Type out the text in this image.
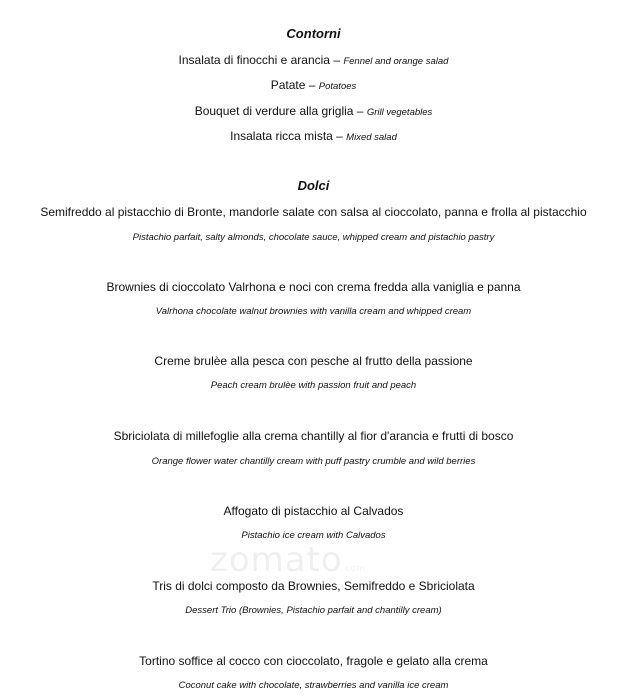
Contorni
Insalata di finocchi e arancia – Fennel and orange salad
Patate – Potatoes
Bouquet di verdure alla griglia – Grill vegetables
Insalata ricca mista – Mixed salad
Dolci
Semifreddo al pistacchio di Bronte, mandorle salate con salsa al cioccolato, panna e frolla al pistacchio
Pistachio parfait, salty almonds, chocolate sauce, whipped cream and pistachio pastry
Brownies di cioccolato Valrhona e noci con crema fredda alla vaniglia e panna
Valrhona chocolate walnut brownies with vanilla cream and whipped cream
Creme brulèe alla pesca con pesche al frutto della passione
Peach cream brulèe with passion fruit and peach
Sbriciolata di millefoglie alla crema chantilly al fior d'arancia e frutti di bosco
Orange flower water chantilly cream with puff pastry crumble and wild berries
Affogato di pistacchio al Calvados
Pistachio ice cream with Calvados
Tris di dolci composto da Brownies, Semifreddo e Sbriciolata
Dessert Trio (Brownies, Pistachio parfait and chantilly cream)
Tortino soffice al cocco con cioccolato, fragole e gelato alla crema
Coconut cake with chocolate, strawberries and vanilla ice cream
zomato.com
